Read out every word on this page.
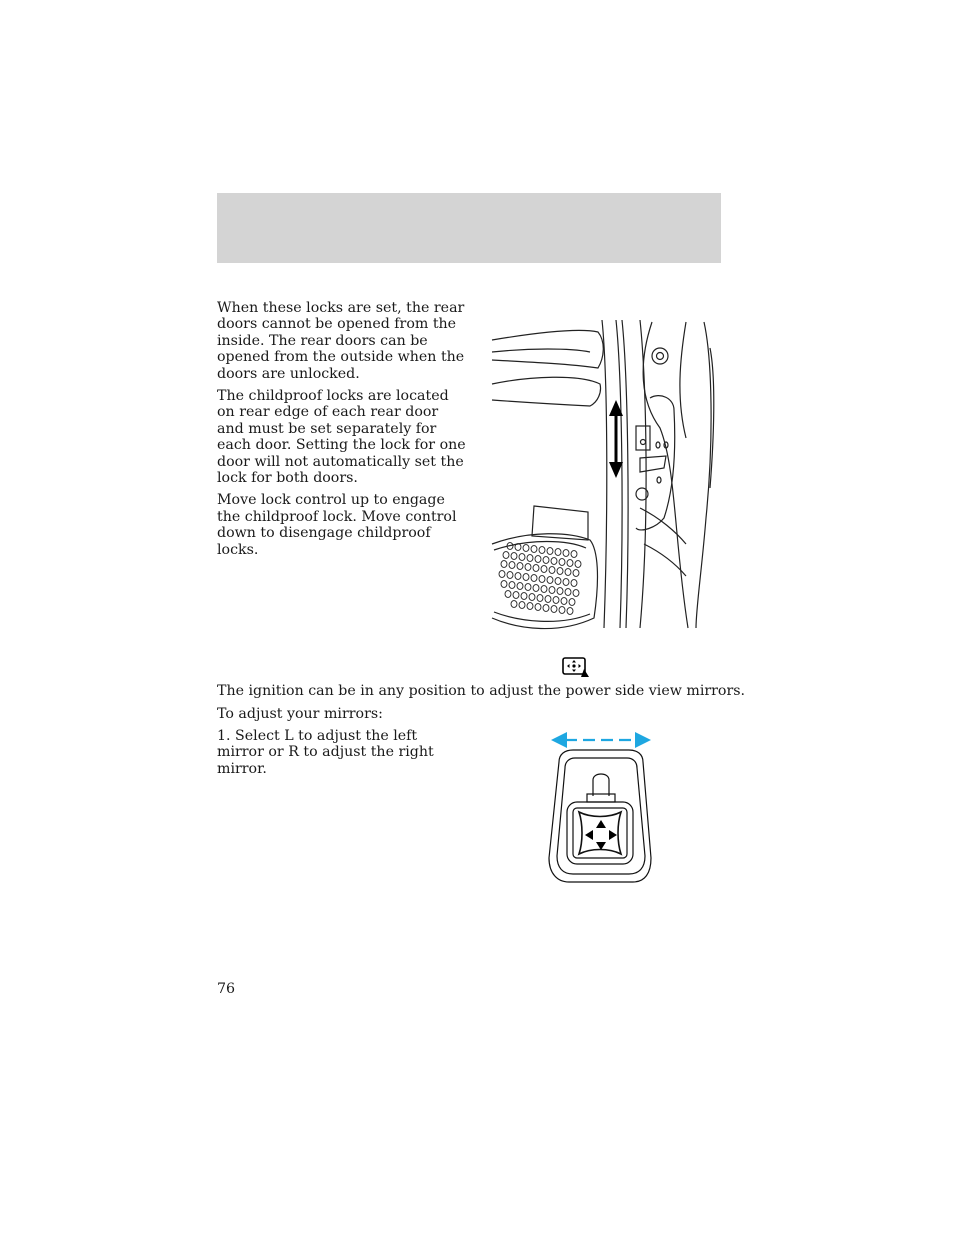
When these locks are set, the rear doors cannot be opened from the inside. The rear doors can be opened from the outside when the doors are unlocked.

The childproof locks are located on rear edge of each rear door and must be set separately for each door. Setting the lock for one door will not automatically set the lock for both doors.

Move lock control up to engage the childproof lock. Move control down to disengage childproof locks.

The ignition can be in any position to adjust the power side view mirrors.

To adjust your mirrors:

1. Select L to adjust the left mirror or R to adjust the right mirror.

76
